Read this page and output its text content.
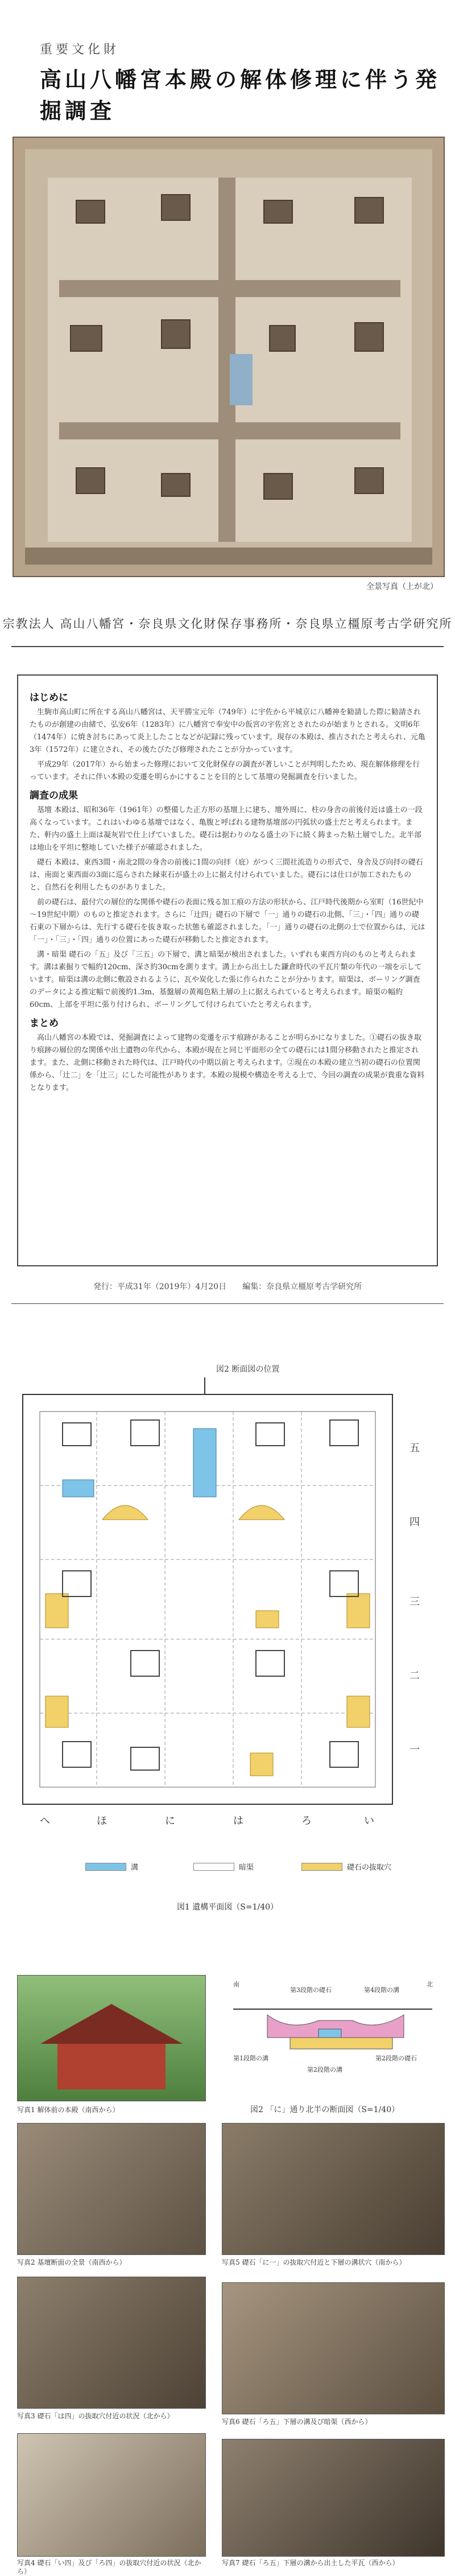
重要文化財
高山八幡宮本殿の解体修理に伴う発掘調査
全景写真（上が北）
宗教法人 高山八幡宮・奈良県文化財保存事務所・奈良県立橿原考古学研究所
はじめに

生駒市高山町に所在する高山八幡宮は、天平勝宝元年（749年）に宇佐から平城京に八幡神を勧請した際に勧請されたものが創建の由緒で、弘安6年（1283年）に八幡宮で奉安中の仮宮の宇佐宮とされたのが始まりとされる。文明6年（1474年）に焼き討ちにあって炎上したことなどが記録に残っています。現存の本殿は、推古されたと考えられ、元亀3年（1572年）に建立され、その後たびたび修理されたことが分かっています。

平成29年（2017年）から始まった修理において文化財保存の調査が著しいことが判明したため、現在解体修理を行っています。それに伴い本殿の変遷を明らかにすることを目的として基壇の発掘調査を行いました。

調査の成果

基壇 本殿は、昭和36年（1961年）の整備した正方形の基壇上に建ち、壇外周に、柱の身舎の前後付近は盛土の一段高くなっています。これはいわゆる基壇ではなく、亀腹と呼ばれる建物基壇部の円弧状の盛土だと考えられます。また、軒内の盛土上面は凝灰岩で仕上げていました。礎石は据わりのなる盛土の下に続く鋳まった粘土層でした。北半部は地山を平坦に整地していた様子が確認されました。

礎石 本殿は、東西3間・南北2間の身舎の前後に1間の向拝（庇）がつく三間社流造りの形式で、身舎及び向拝の礎石は、南面と東西面の3面に巡らされた縁束石が盛土の上に据え付けられていました。礎石には仕口が加工されたものと、自然石を利用したものがありました。

前の礎石は、最付穴の層位的な関係や礎石の表面に残る加工痕の方法の形状から、江戸時代後期から室町（16世紀中～19世紀中期）のものと推定されます。さらに「辻四」礎石の下層で「一」通りの礎石の北側、「三」・「四」通りの礎石東の下層からは、先行する礎石を抜き取った状態も確認されました。「一」通りの礎石の北側の土で位置からは、元は「一」・「三」・「四」通りの位置にあった礎石が移動したと推定されます。

溝・暗渠 礎石の「五」及び「三五」の下層で、溝と暗渠が検出されました。いずれも東西方向のものと考えられます。溝は素掘りで幅約120cm、深さ約30cmを測ります。溝上から出土した鎌倉時代の平瓦片類の年代の一端を示しています。暗渠は溝の北側に敷設されるように、瓦や炭化した張に作られたことが分かります。暗渠は、ボーリング調査のデータによる推定幅で前後約1.3m、基盤層の黄褐色粘土層の上に据えられていると考えられます。暗渠の幅約60cm、上部を平坦に張り付けられ、ボーリングして付けられていたと考えられます。

まとめ

高山八幡宮の本殿では、発掘調査によって建物の変遷を示す痕跡があることが明らかになりました。①礎石の抜き取り痕跡の層位的な関係や出土遺物の年代から、本殿が現在と同じ平面形の全ての礎石には1間分移動されたと推定されます。また、北側に移動された時代は、江戸時代の中期以前と考えられます。②現在の本殿の建立当初の礎石の位置関係から、「辻二」を「辻三」にした可能性があります。本殿の規模や構造を考える上で、今回の調査の成果が貴重な資料となります。

発行：平成31年（2019年）4月20日　　編集：奈良県立橿原考古学研究所
図2 断面図の位置
五
四
三
二
一
へ	ほ	に	は	ろ	い
溝	暗渠	礎石の抜取穴
図1 遺構平面図（S=1/40）
写真1 解体前の本殿（南西から）
第3段階の礎石	第4段階の溝
第1段階の溝	第2段階の礎石
第2段階の溝
北
南
図2 「に」通り北半の断面図（S=1/40）
写真2 基壇断面の全景（南西から）
写真3 礎石「は四」の抜取穴付近の状況（北から）
写真4 礎石「い四」及び「ろ四」の抜取穴付近の状況（北から）
写真5 礎石「に一」の抜取穴付近と下層の溝状穴（南から）
写真6 礎石「ろ五」下層の溝及び暗渠（西から）
写真7 礎石「ろ五」下層の溝から出土した平瓦（西から）
